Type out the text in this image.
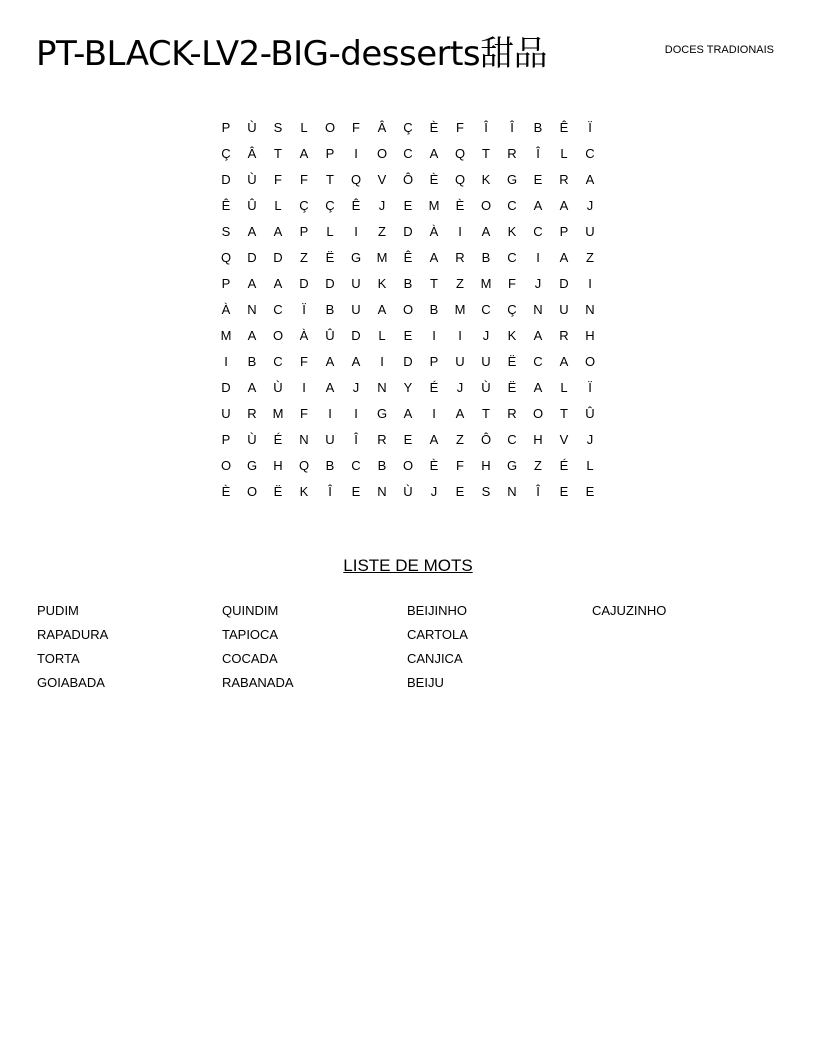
PT-BLACK-LV2-BIG-desserts甜品	DOCES TRADIONAIS
P	Ù	S	L	O	F	Â	Ç	È	F	Î	Î	B	Ê	Ï
Ç	Â	T	A	P	I	O	C	A	Q	T	R	Î	L	C
D	Ù	F	F	T	Q	V	Ô	È	Q	K	G	E	R	A
Ê	Û	L	Ç	Ç	Ê	J	E	M	È	O	C	A	A	J
S	A	A	P	L	I	Z	D	À	I	A	K	C	P	U
Q	D	D	Z	Ë	G	M	Ê	A	R	B	C	I	A	Z
P	A	A	D	D	U	K	B	T	Z	M	F	J	D	I
À	N	C	Ï	B	U	A	O	B	M	C	Ç	N	U	N
M	A	O	À	Û	D	L	E	I	I	J	K	A	R	H
I	B	C	F	A	A	I	D	P	U	U	Ë	C	A	O
D	A	Ù	I	A	J	N	Y	É	J	Ù	Ë	A	L	Ï
U	R	M	F	I	I	G	A	I	A	T	R	O	T	Û
P	Ù	É	N	U	Î	R	E	A	Z	Ô	C	H	V	J
O	G	H	Q	B	C	B	O	È	F	H	G	Z	É	L
È	O	Ë	K	Î	E	N	Ù	J	E	S	N	Î	E	E
LISTE DE MOTS
PUDIM
RAPADURA
TORTA
GOIABADA
QUINDIM
TAPIOCA
COCADA
RABANADA
BEIJINHO
CARTOLA
CANJICA
BEIJU
CAJUZINHO
